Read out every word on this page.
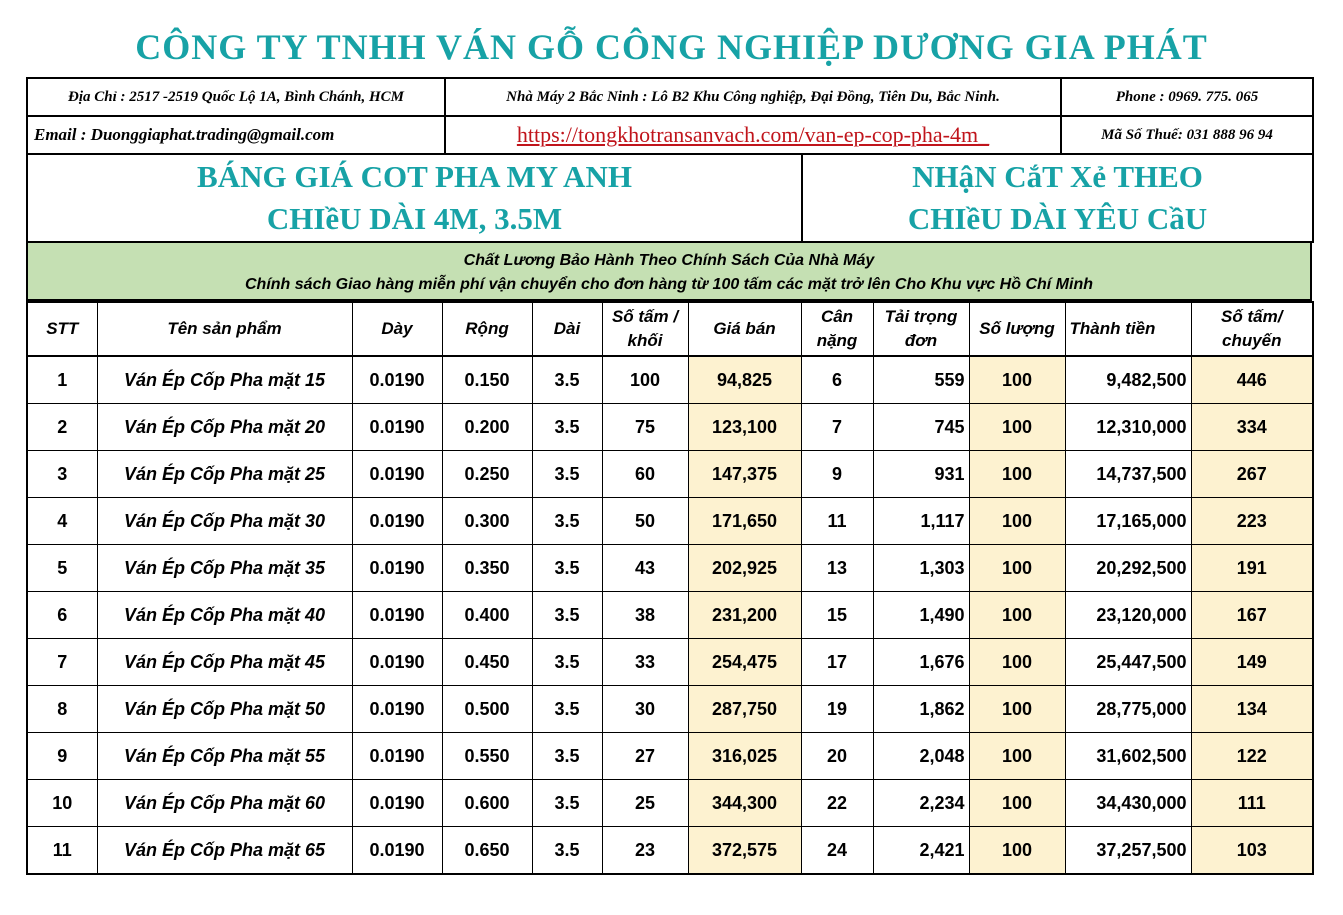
CÔNG TY TNHH VÁN GỖ CÔNG NGHIỆP DƯƠNG GIA PHÁT
Địa Chỉ : 2517 -2519 Quốc Lộ 1A, Bình Chánh, HCM	Nhà Máy 2 Bắc Ninh : Lô B2 Khu Công nghiệp, Đại Đồng, Tiên Du, Bắc Ninh.	Phone : 0969. 775. 065
Email : Duonggiaphat.trading@gmail.com	https://tongkhotransanvach.com/van-ep-cop-pha-4m_	Mã Số Thuế: 031 888 96 94
BÁNG GIÁ COT PHA MY ANH
CHIềU DÀI 4M, 3.5M

NHậN CắT Xẻ THEO
CHIềU DÀI YÊU CầU
Chất Lương Bảo Hành Theo Chính Sách Của Nhà Máy
Chính sách Giao hàng miễn phí vận chuyển cho đơn hàng từ 100 tấm các mặt trở lên Cho Khu vực Hồ Chí Minh
STT	Tên sản phẩm	Dày	Rộng	Dài	Số tấm / khối	Giá bán	Cân nặng	Tải trọng đơn	Số lượng	Thành tiền	Số tấm/ chuyến
1	Ván Ép Cốp Pha mặt 15	0.0190	0.150	3.5	100	94,825	6	559	100	9,482,500	446
2	Ván Ép Cốp Pha mặt 20	0.0190	0.200	3.5	75	123,100	7	745	100	12,310,000	334
3	Ván Ép Cốp Pha mặt 25	0.0190	0.250	3.5	60	147,375	9	931	100	14,737,500	267
4	Ván Ép Cốp Pha mặt 30	0.0190	0.300	3.5	50	171,650	11	1,117	100	17,165,000	223
5	Ván Ép Cốp Pha mặt 35	0.0190	0.350	3.5	43	202,925	13	1,303	100	20,292,500	191
6	Ván Ép Cốp Pha mặt 40	0.0190	0.400	3.5	38	231,200	15	1,490	100	23,120,000	167
7	Ván Ép Cốp Pha mặt 45	0.0190	0.450	3.5	33	254,475	17	1,676	100	25,447,500	149
8	Ván Ép Cốp Pha mặt 50	0.0190	0.500	3.5	30	287,750	19	1,862	100	28,775,000	134
9	Ván Ép Cốp Pha mặt 55	0.0190	0.550	3.5	27	316,025	20	2,048	100	31,602,500	122
10	Ván Ép Cốp Pha mặt 60	0.0190	0.600	3.5	25	344,300	22	2,234	100	34,430,000	111
11	Ván Ép Cốp Pha mặt 65	0.0190	0.650	3.5	23	372,575	24	2,421	100	37,257,500	103
